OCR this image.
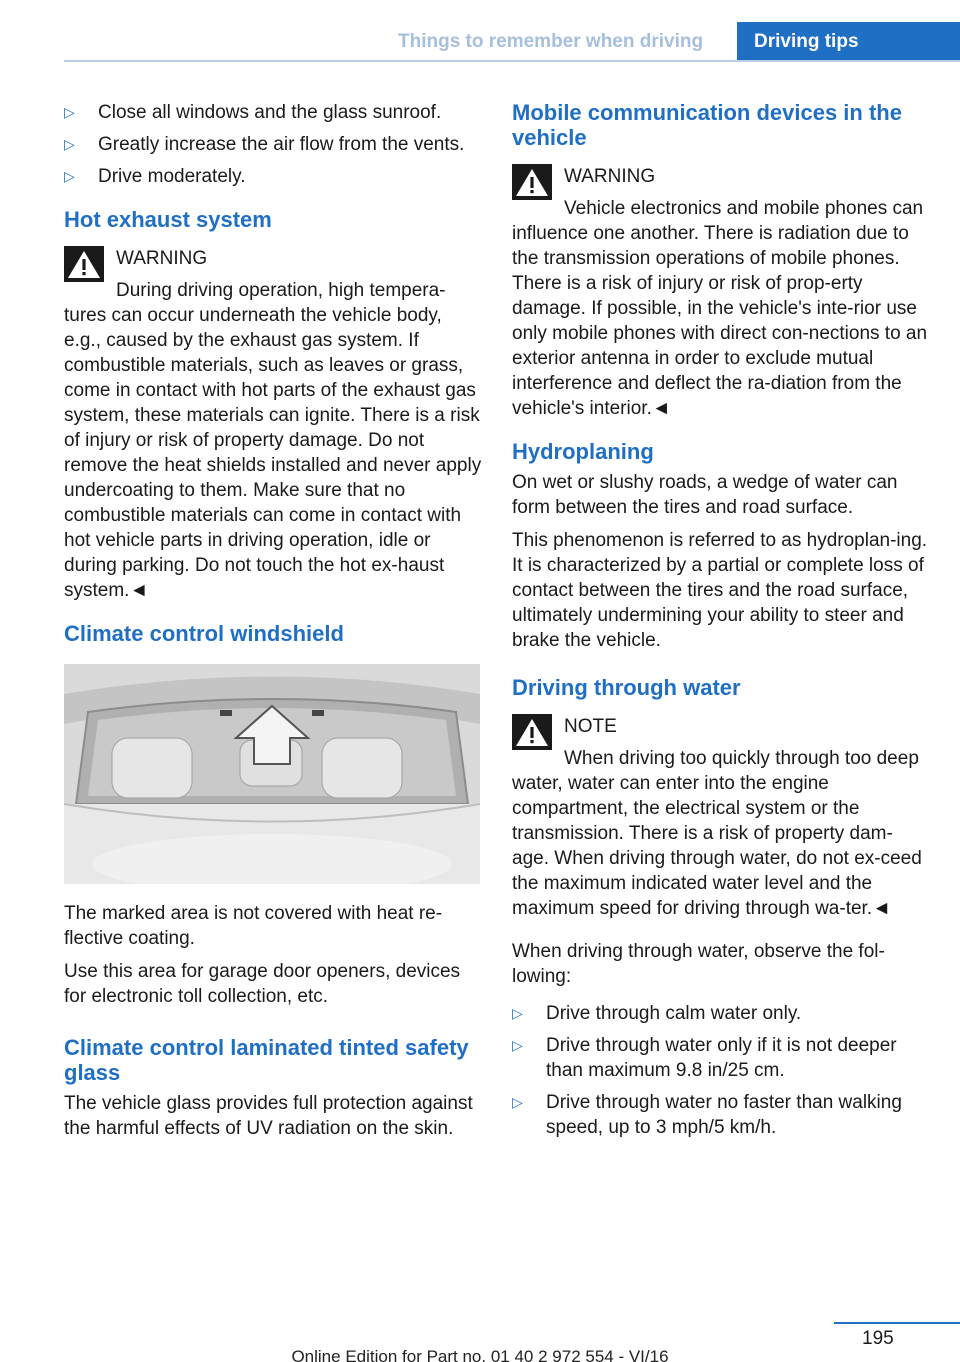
Things to remember when driving	Driving tips
▷ Close all windows and the glass sunroof.
▷ Greatly increase the air flow from the vents.
▷ Drive moderately.
Hot exhaust system
WARNING

During driving operation, high tempera-tures can occur underneath the vehicle body, e.g., caused by the exhaust gas system. If combustible materials, such as leaves or grass, come in contact with hot parts of the exhaust gas system, these materials can ignite. There is a risk of injury or risk of property damage. Do not remove the heat shields installed and never apply undercoating to them. Make sure that no combustible materials can come in contact with hot vehicle parts in driving operation, idle or during parking. Do not touch the hot ex-haust system.◄

Climate control windshield

The marked area is not covered with heat re-flective coating.

Use this area for garage door openers, devices for electronic toll collection, etc.

Climate control laminated tinted safety glass

The vehicle glass provides full protection against the harmful effects of UV radiation on the skin.

Mobile communication devices in the vehicle
WARNING

Vehicle electronics and mobile phones can influence one another. There is radiation due to the transmission operations of mobile phones. There is a risk of injury or risk of prop-erty damage. If possible, in the vehicle's inte-rior use only mobile phones with direct con-nections to an exterior antenna in order to exclude mutual interference and deflect the ra-diation from the vehicle's interior.◄

Hydroplaning

On wet or slushy roads, a wedge of water can form between the tires and road surface.

This phenomenon is referred to as hydroplan-ing. It is characterized by a partial or complete loss of contact between the tires and the road surface, ultimately undermining your ability to steer and brake the vehicle.

Driving through water
NOTE

When driving too quickly through too deep water, water can enter into the engine compartment, the electrical system or the transmission. There is a risk of property dam-age. When driving through water, do not ex-ceed the maximum indicated water level and the maximum speed for driving through wa-ter.◄

When driving through water, observe the fol-lowing:

▷ Drive through calm water only.
▷ Drive through water only if it is not deeper than maximum 9.8 in/25 cm.
▷ Drive through water no faster than walking speed, up to 3 mph/5 km/h.
195
Online Edition for Part no. 01 40 2 972 554 - VI/16
